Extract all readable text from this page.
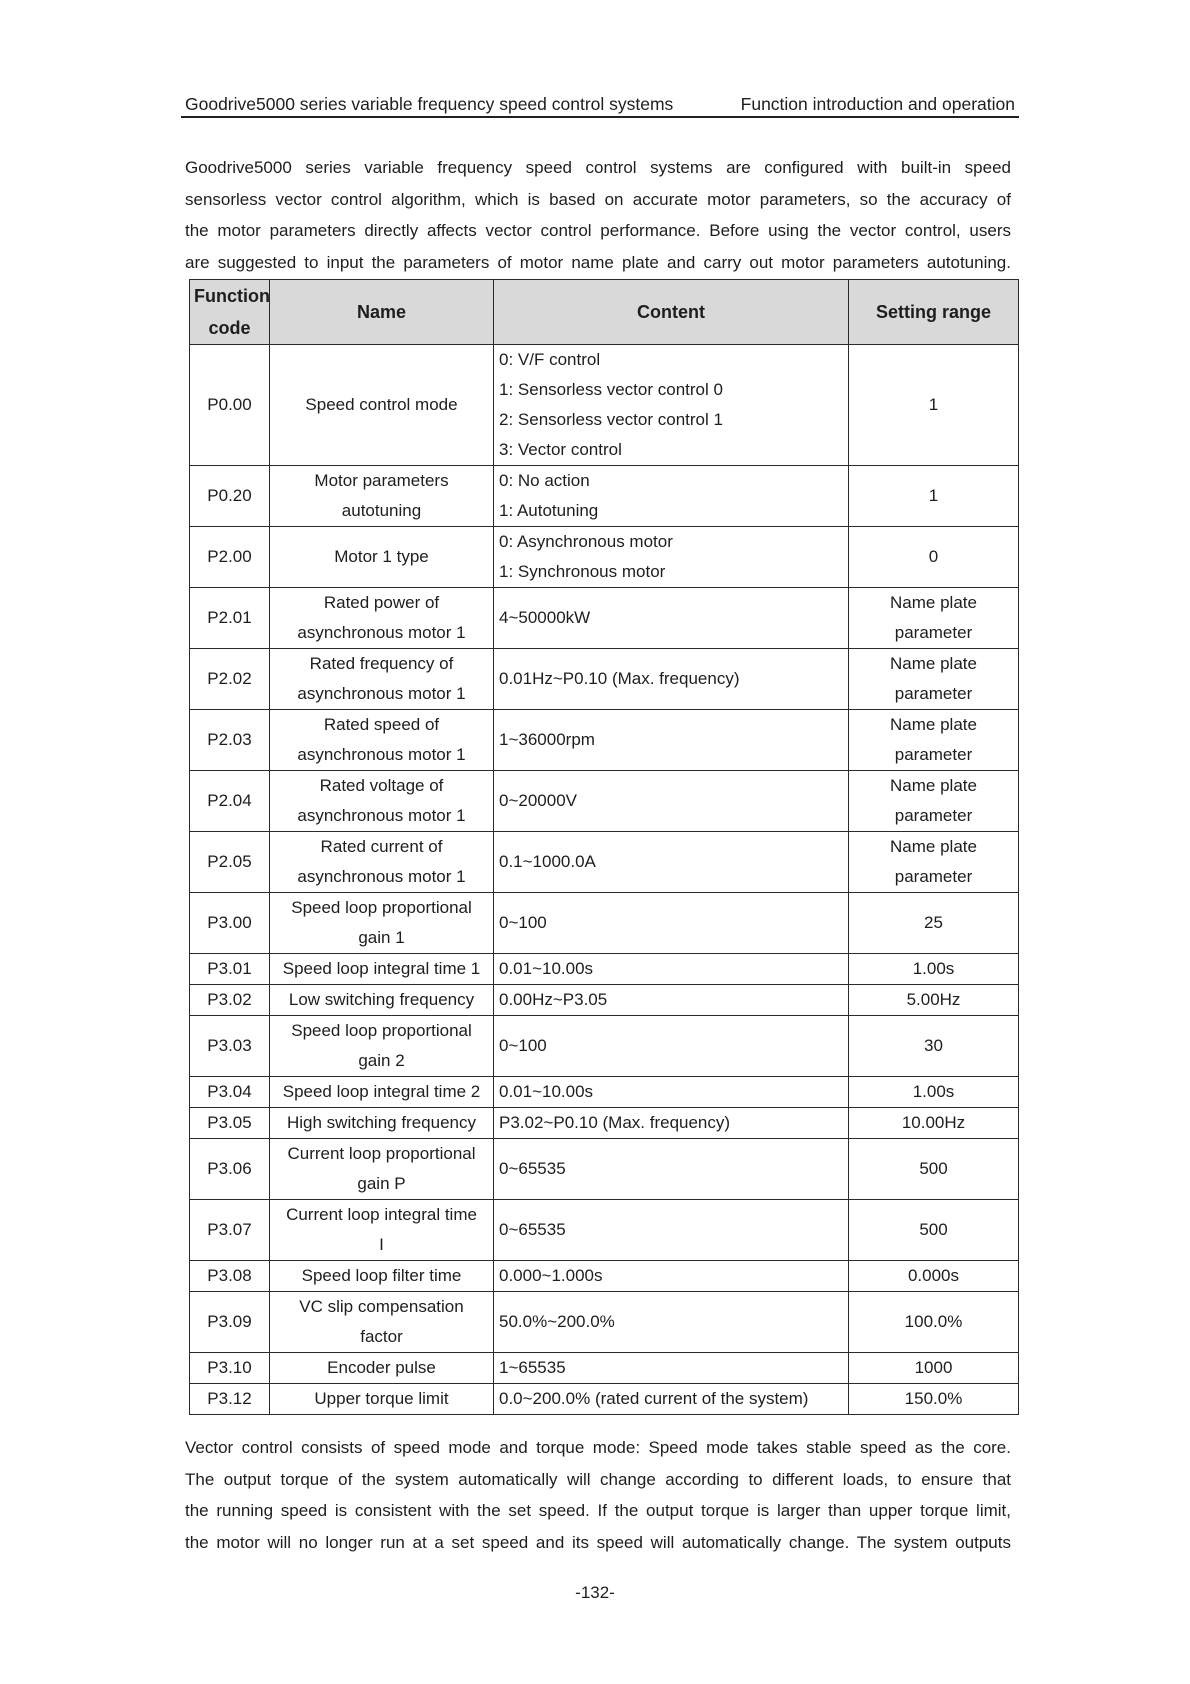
Goodrive5000 series variable frequency speed control systems	Function introduction and operation
Goodrive5000 series variable frequency speed control systems are configured with built-in speed
sensorless vector control algorithm, which is based on accurate motor parameters, so the accuracy of
the motor parameters directly affects vector control performance. Before using the vector control, users
are suggested to input the parameters of motor name plate and carry out motor parameters autotuning.
Function
code	Name	Content	Setting range
P0.00	Speed control mode	0: V/F control
1: Sensorless vector control 0
2: Sensorless vector control 1
3: Vector control	1

P0.20	Motor parameters
autotuning	0: No action
1: Autotuning	1

P2.00	Motor 1 type	0: Asynchronous motor
1: Synchronous motor	0

P2.01	Rated power of
asynchronous motor 1	4~50000kW	Name plate
parameter

P2.02	Rated frequency of
asynchronous motor 1	0.01Hz~P0.10 (Max. frequency)	Name plate
parameter

P2.03	Rated speed of
asynchronous motor 1	1~36000rpm	Name plate
parameter

P2.04	Rated voltage of
asynchronous motor 1	0~20000V	Name plate
parameter

P2.05	Rated current of
asynchronous motor 1	0.1~1000.0A	Name plate
parameter

P3.00	Speed loop proportional
gain 1	0~100	25

P3.01	Speed loop integral time 1	0.01~10.00s	1.00s

P3.02	Low switching frequency	0.00Hz~P3.05	5.00Hz

P3.03	Speed loop proportional
gain 2	0~100	30

P3.04	Speed loop integral time 2	0.01~10.00s	1.00s

P3.05	High switching frequency	P3.02~P0.10 (Max. frequency)	10.00Hz

P3.06	Current loop proportional
gain P	0~65535	500

P3.07	Current loop integral time
I	0~65535	500

P3.08	Speed loop filter time	0.000~1.000s	0.000s

P3.09	VC slip compensation
factor	50.0%~200.0%	100.0%

P3.10	Encoder pulse	1~65535	1000

P3.12	Upper torque limit	0.0~200.0% (rated current of the system)	150.0%
Vector control consists of speed mode and torque mode: Speed mode takes stable speed as the core.
The output torque of the system automatically will change according to different loads, to ensure that
the running speed is consistent with the set speed. If the output torque is larger than upper torque limit,
the motor will no longer run at a set speed and its speed will automatically change. The system outputs
-132-
